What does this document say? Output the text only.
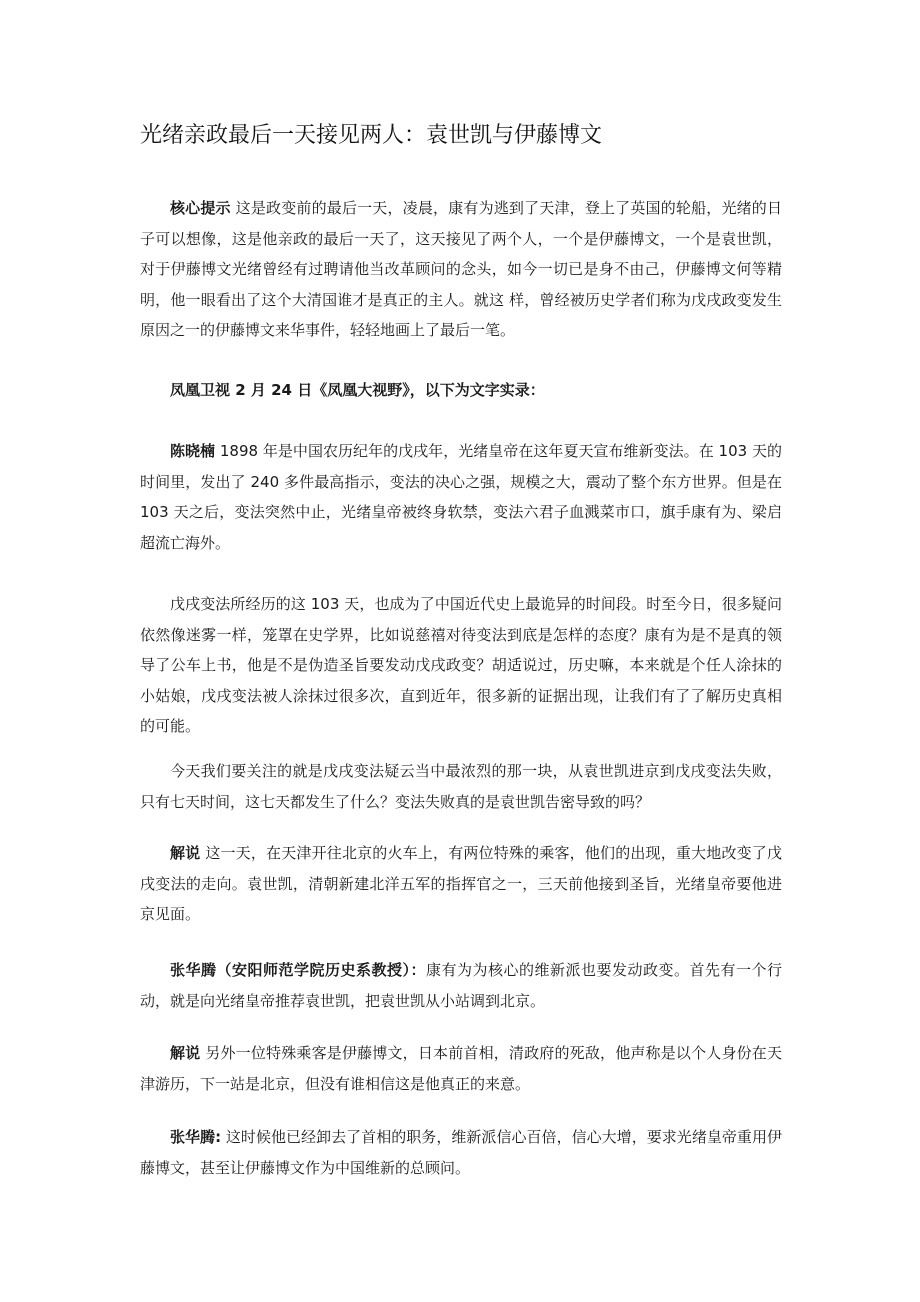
光绪亲政最后一天接见两人：袁世凯与伊藤博文

核心提示 这是政变前的最后一天，凌晨，康有为逃到了天津，登上了英国的轮船，光绪的日子可以想像，这是他亲政的最后一天了，这天接见了两个人，一个是伊藤博文，一个是袁世凯，对于伊藤博文光绪曾经有过聘请他当改革顾问的念头，如今一切已是身不由己，伊藤博文何等精明，他一眼看出了这个大清国谁才是真正的主人。就这 样，曾经被历史学者们称为戊戌政变发生原因之一的伊藤博文来华事件，轻轻地画上了最后一笔。

凤凰卫视 2 月 24 日《凤凰大视野》，以下为文字实录：

陈晓楠 1898 年是中国农历纪年的戊戌年，光绪皇帝在这年夏天宣布维新变法。在 103 天的时间里，发出了 240 多件最高指示，变法的决心之强，规模之大，震动了整个东方世界。但是在 103 天之后，变法突然中止，光绪皇帝被终身软禁，变法六君子血溅菜市口，旗手康有为、梁启超流亡海外。

戊戌变法所经历的这 103 天，也成为了中国近代史上最诡异的时间段。时至今日，很多疑问依然像迷雾一样，笼罩在史学界，比如说慈禧对待变法到底是怎样的态度？康有为是不是真的领导了公车上书，他是不是伪造圣旨要发动戊戌政变？胡适说过，历史嘛，本来就是个任人涂抹的小姑娘，戊戌变法被人涂抹过很多次，直到近年，很多新的证据出现，让我们有了了解历史真相的可能。

今天我们要关注的就是戊戌变法疑云当中最浓烈的那一块，从袁世凯进京到戊戌变法失败，只有七天时间，这七天都发生了什么？变法失败真的是袁世凯告密导致的吗？

解说 这一天，在天津开往北京的火车上，有两位特殊的乘客，他们的出现，重大地改变了戊戌变法的走向。袁世凯，清朝新建北洋五军的指挥官之一，三天前他接到圣旨，光绪皇帝要他进京见面。

张华腾（安阳师范学院历史系教授）：康有为为核心的维新派也要发动政变。首先有一个行动，就是向光绪皇帝推荐袁世凯，把袁世凯从小站调到北京。

解说 另外一位特殊乘客是伊藤博文，日本前首相，清政府的死敌，他声称是以个人身份在天津游历，下一站是北京，但没有谁相信这是他真正的来意。

张华腾: 这时候他已经卸去了首相的职务，维新派信心百倍，信心大增，要求光绪皇帝重用伊藤博文，甚至让伊藤博文作为中国维新的总顾问。
